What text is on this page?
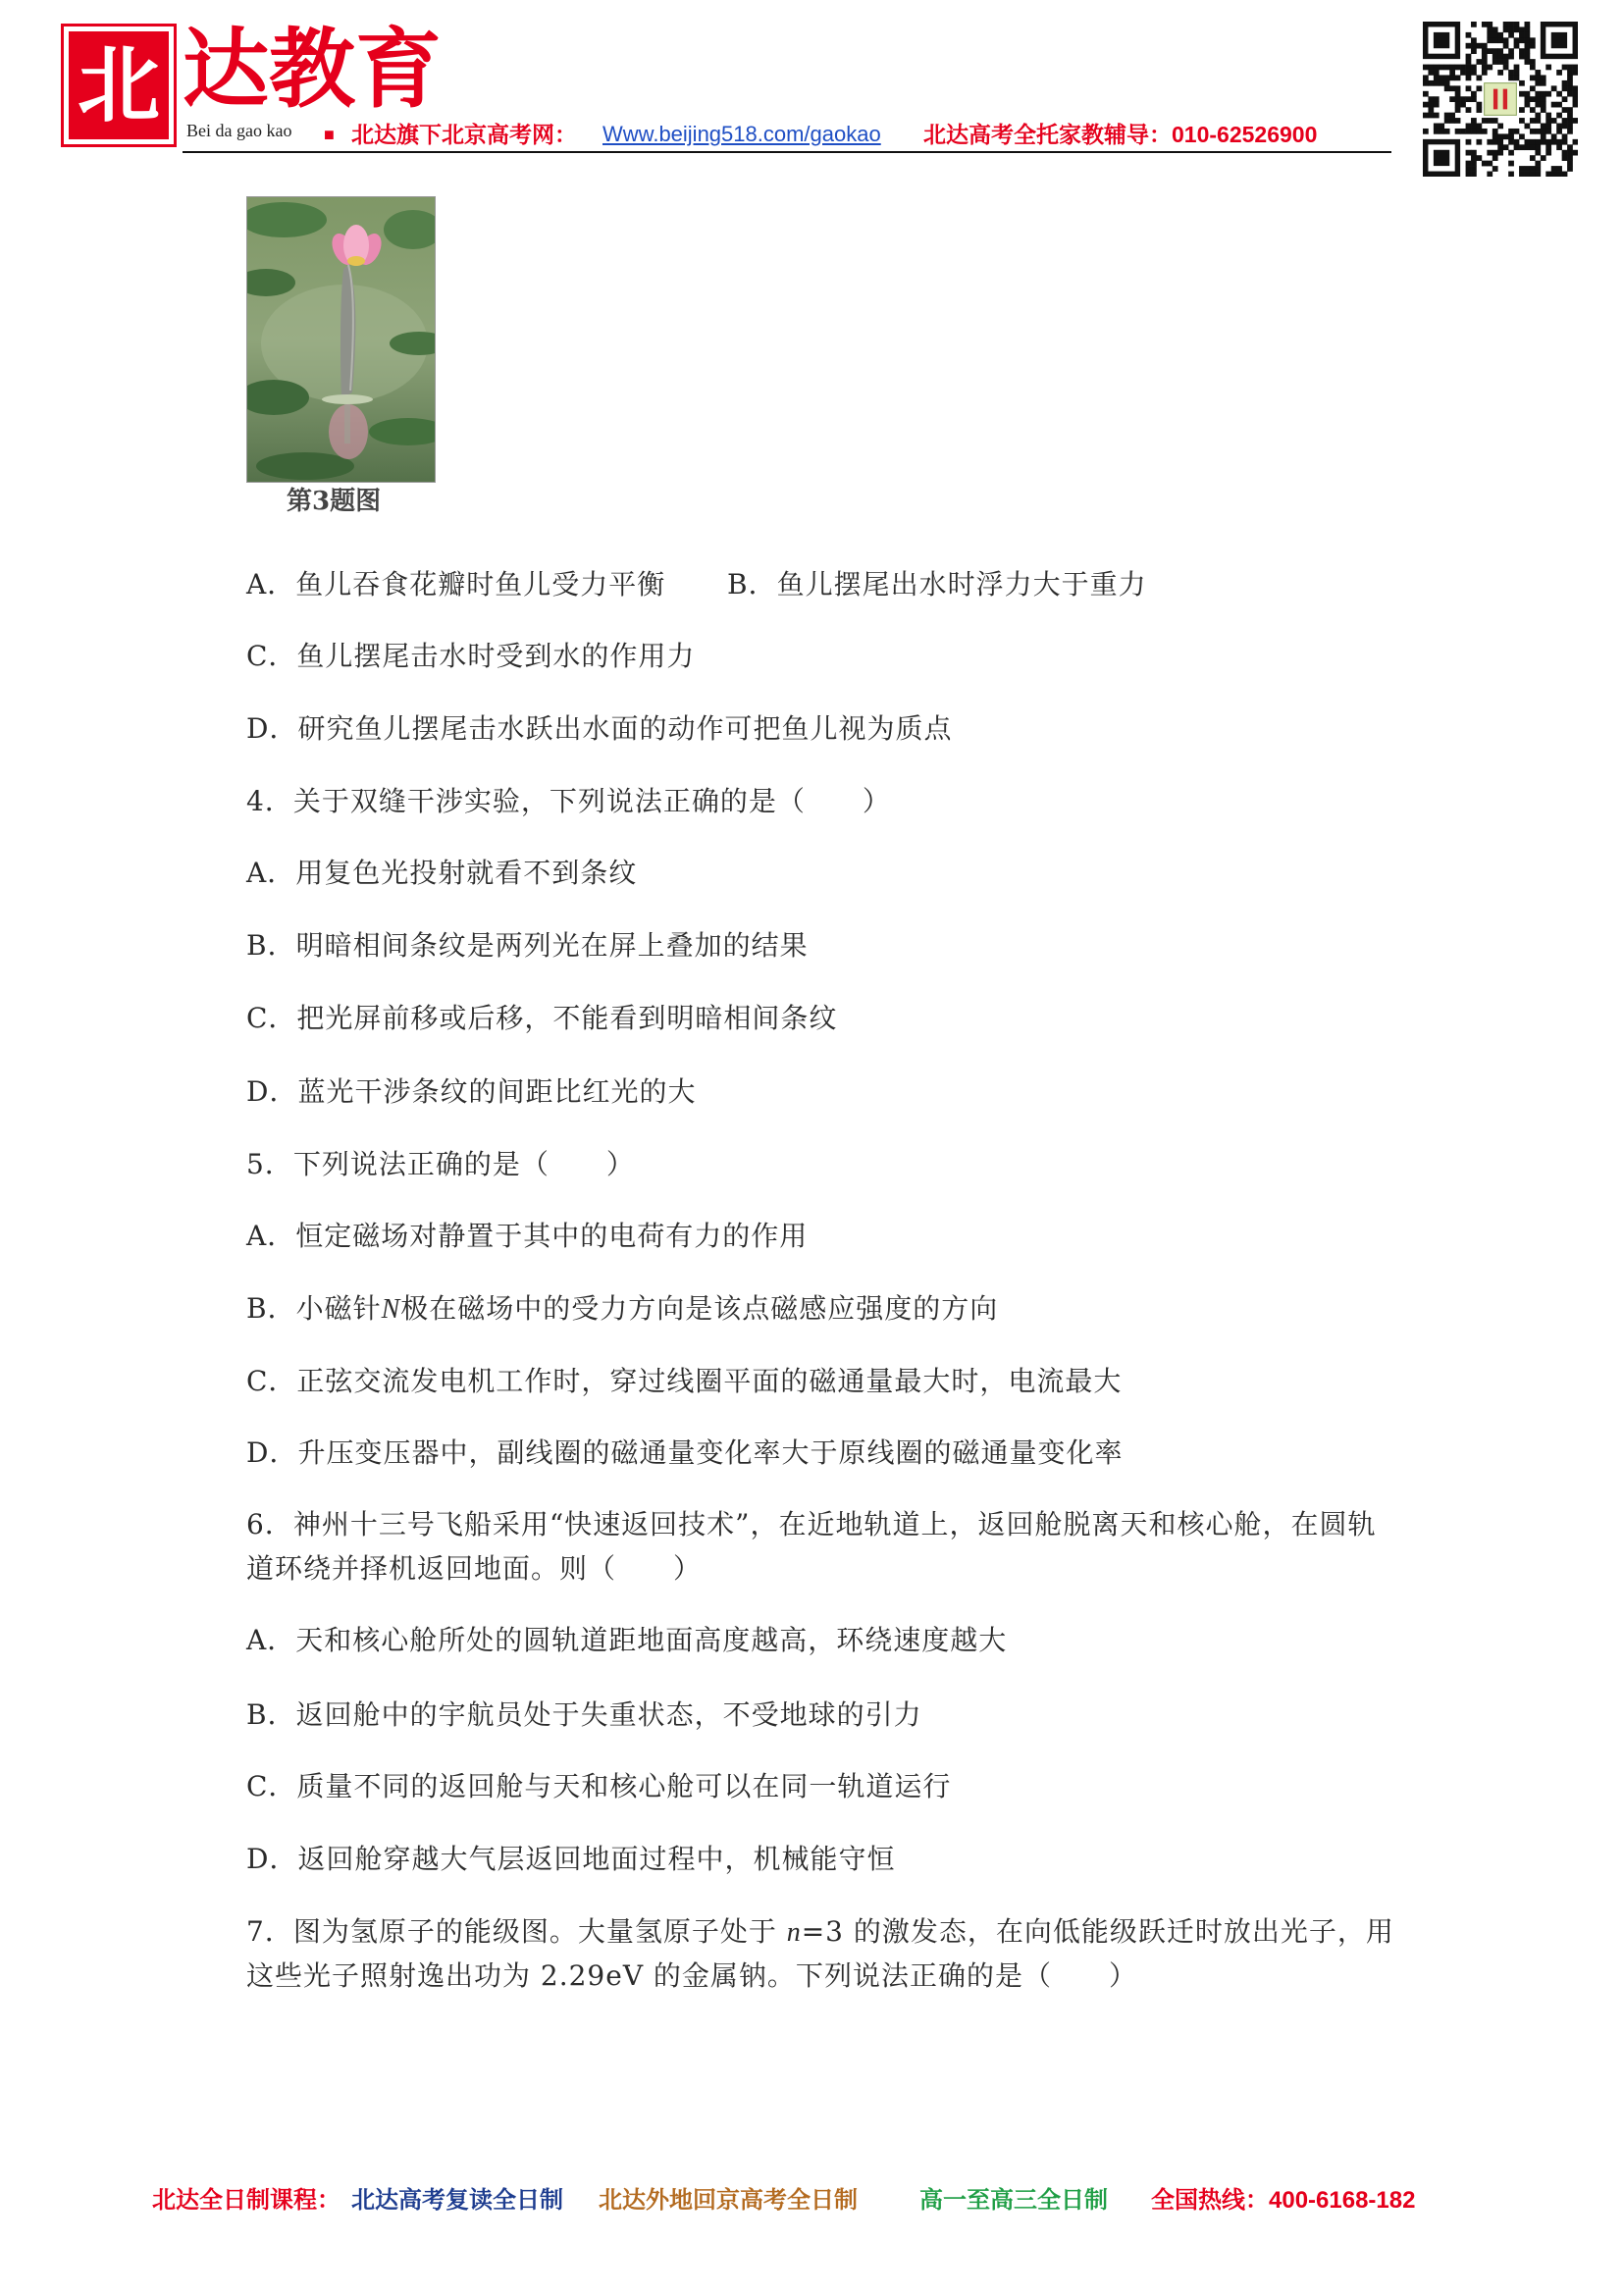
北 达教育
Bei da gao kao ■ 北达旗下北京高考网： Www.beijing518.com/gaokao 北达高考全托家教辅导：010-62526900
第3题图
A．鱼儿吞食花瓣时鱼儿受力平衡 B．鱼儿摆尾出水时浮力大于重力
C．鱼儿摆尾击水时受到水的作用力
D．研究鱼儿摆尾击水跃出水面的动作可把鱼儿视为质点
4．关于双缝干涉实验，下列说法正确的是（　　）
A．用复色光投射就看不到条纹
B．明暗相间条纹是两列光在屏上叠加的结果
C．把光屏前移或后移，不能看到明暗相间条纹
D．蓝光干涉条纹的间距比红光的大
5．下列说法正确的是（　　）
A．恒定磁场对静置于其中的电荷有力的作用
B．小磁针N极在磁场中的受力方向是该点磁感应强度的方向
C．正弦交流发电机工作时，穿过线圈平面的磁通量最大时，电流最大
D．升压变压器中，副线圈的磁通量变化率大于原线圈的磁通量变化率
6．神州十三号飞船采用“快速返回技术”，在近地轨道上，返回舱脱离天和核心舱，在圆轨
道环绕并择机返回地面。则（　　）
A．天和核心舱所处的圆轨道距地面高度越高，环绕速度越大
B．返回舱中的宇航员处于失重状态，不受地球的引力
C．质量不同的返回舱与天和核心舱可以在同一轨道运行
D．返回舱穿越大气层返回地面过程中，机械能守恒
7．图为氢原子的能级图。大量氢原子处于 n=3 的激发态，在向低能级跃迁时放出光子，用
这些光子照射逸出功为 2.29eV 的金属钠。下列说法正确的是（　　）
北达全日制课程： 北达高考复读全日制 北达外地回京高考全日制	高一至高三全日制 全国热线：400-6168-182
